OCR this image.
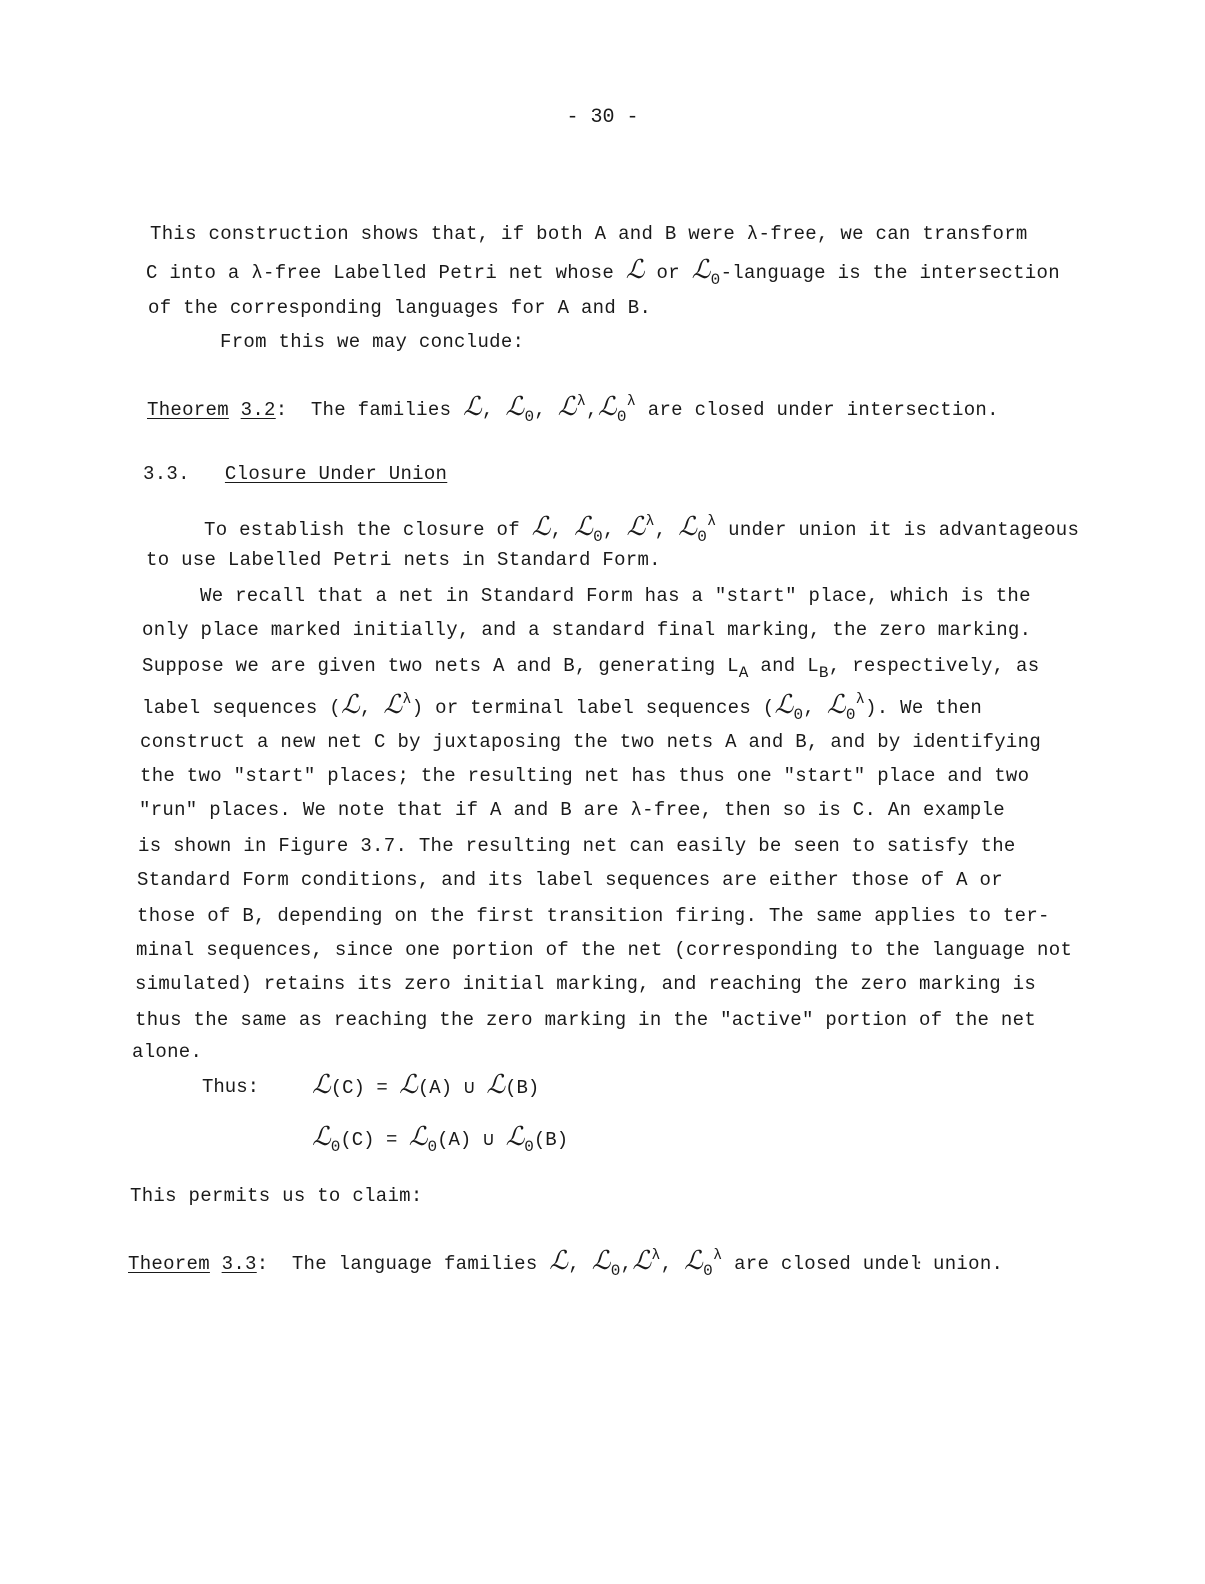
- 30 -
This construction shows that, if both A and B were λ-free, we can transform
C into a λ-free Labelled Petri net whose ℒ or ℒ$_0$-language is the intersection
of the corresponding languages for A and B.
From this we may conclude:
Theorem 3.2: The families ℒ, ℒ$_0$, ℒ$^\lambda$,ℒ$_0^\lambda$ are closed under intersection.
3.3. Closure Under Union
To establish the closure of ℒ, ℒ$_0$, ℒ$^\lambda$, ℒ$_0^\lambda$ under union it is advantageous
to use Labelled Petri nets in Standard Form.
We recall that a net in Standard Form has a "start" place, which is the
only place marked initially, and a standard final marking, the zero marking.
Suppose we are given two nets A and B, generating $L_A$ and $L_B$, respectively, as
label sequences (ℒ, ℒ$^\lambda$) or terminal label sequences (ℒ$_0$, ℒ$_0^\lambda$). We then
construct a new net C by juxtaposing the two nets A and B, and by identifying
the two "start" places; the resulting net has thus one "start" place and two
"run" places. We note that if A and B are λ-free, then so is C. An example
is shown in Figure 3.7. The resulting net can easily be seen to satisfy the
Standard Form conditions, and its label sequences are either those of A or
those of B, depending on the first transition firing. The same applies to ter-
minal sequences, since one portion of the net (corresponding to the language not
simulated) retains its zero initial marking, and reaching the zero marking is
thus the same as reaching the zero marking in the "active" portion of the net
alone.
Thus: ℒ(C) = ℒ(A) ∪ ℒ(B)
ℒ$_0$(C) = ℒ$_0$(A) ∪ ℒ$_0$(B)
This permits us to claim:
Theorem 3.3: The language families ℒ, ℒ$_0$,ℒ$^\lambda$, ℒ$_0^\lambda$ are closed undeŀ union.
